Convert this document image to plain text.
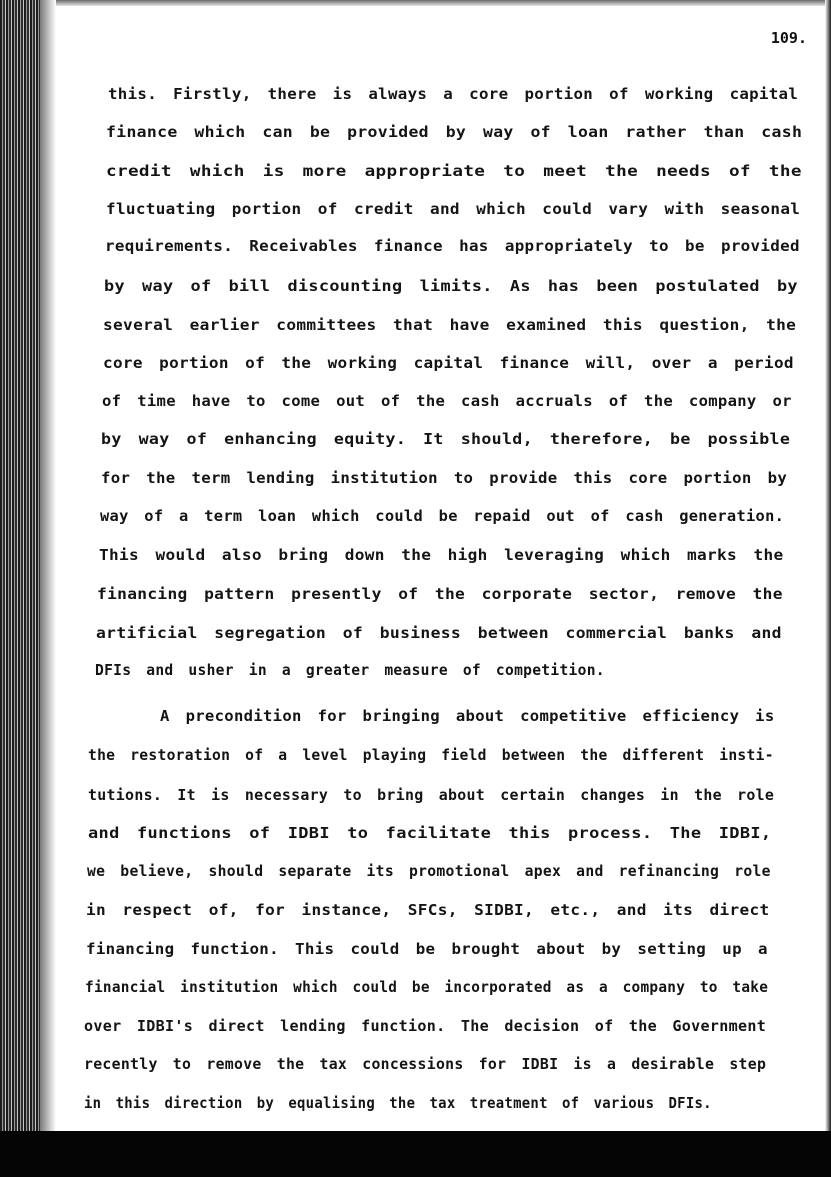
109.

this. Firstly, there is always a core portion of working capital

finance which can be provided by way of loan rather than cash

credit which is more appropriate to meet the needs of the

fluctuating portion of credit and which could vary with seasonal

requirements. Receivables finance has appropriately to be provided

by way of bill discounting limits. As has been postulated by

several earlier committees that have examined this question, the

core portion of the working capital finance will, over a period

of time have to come out of the cash accruals of the company or

by way of enhancing equity. It should, therefore, be possible

for the term lending institution to provide this core portion by

way of a term loan which could be repaid out of cash generation.

This would also bring down the high leveraging which marks the

financing pattern presently of the corporate sector, remove the

artificial segregation of business between commercial banks and

DFIs and usher in a greater measure of competition.

A precondition for bringing about competitive efficiency is

the restoration of a level playing field between the different insti-

tutions. It is necessary to bring about certain changes in the role

and functions of IDBI to facilitate this process. The IDBI,

we believe, should separate its promotional apex and refinancing role

in respect of, for instance, SFCs, SIDBI, etc., and its direct

financing function. This could be brought about by setting up a

financial institution which could be incorporated as a company to take

over IDBI's direct lending function. The decision of the Government

recently to remove the tax concessions for IDBI is a desirable step

in this direction by equalising the tax treatment of various DFIs.
